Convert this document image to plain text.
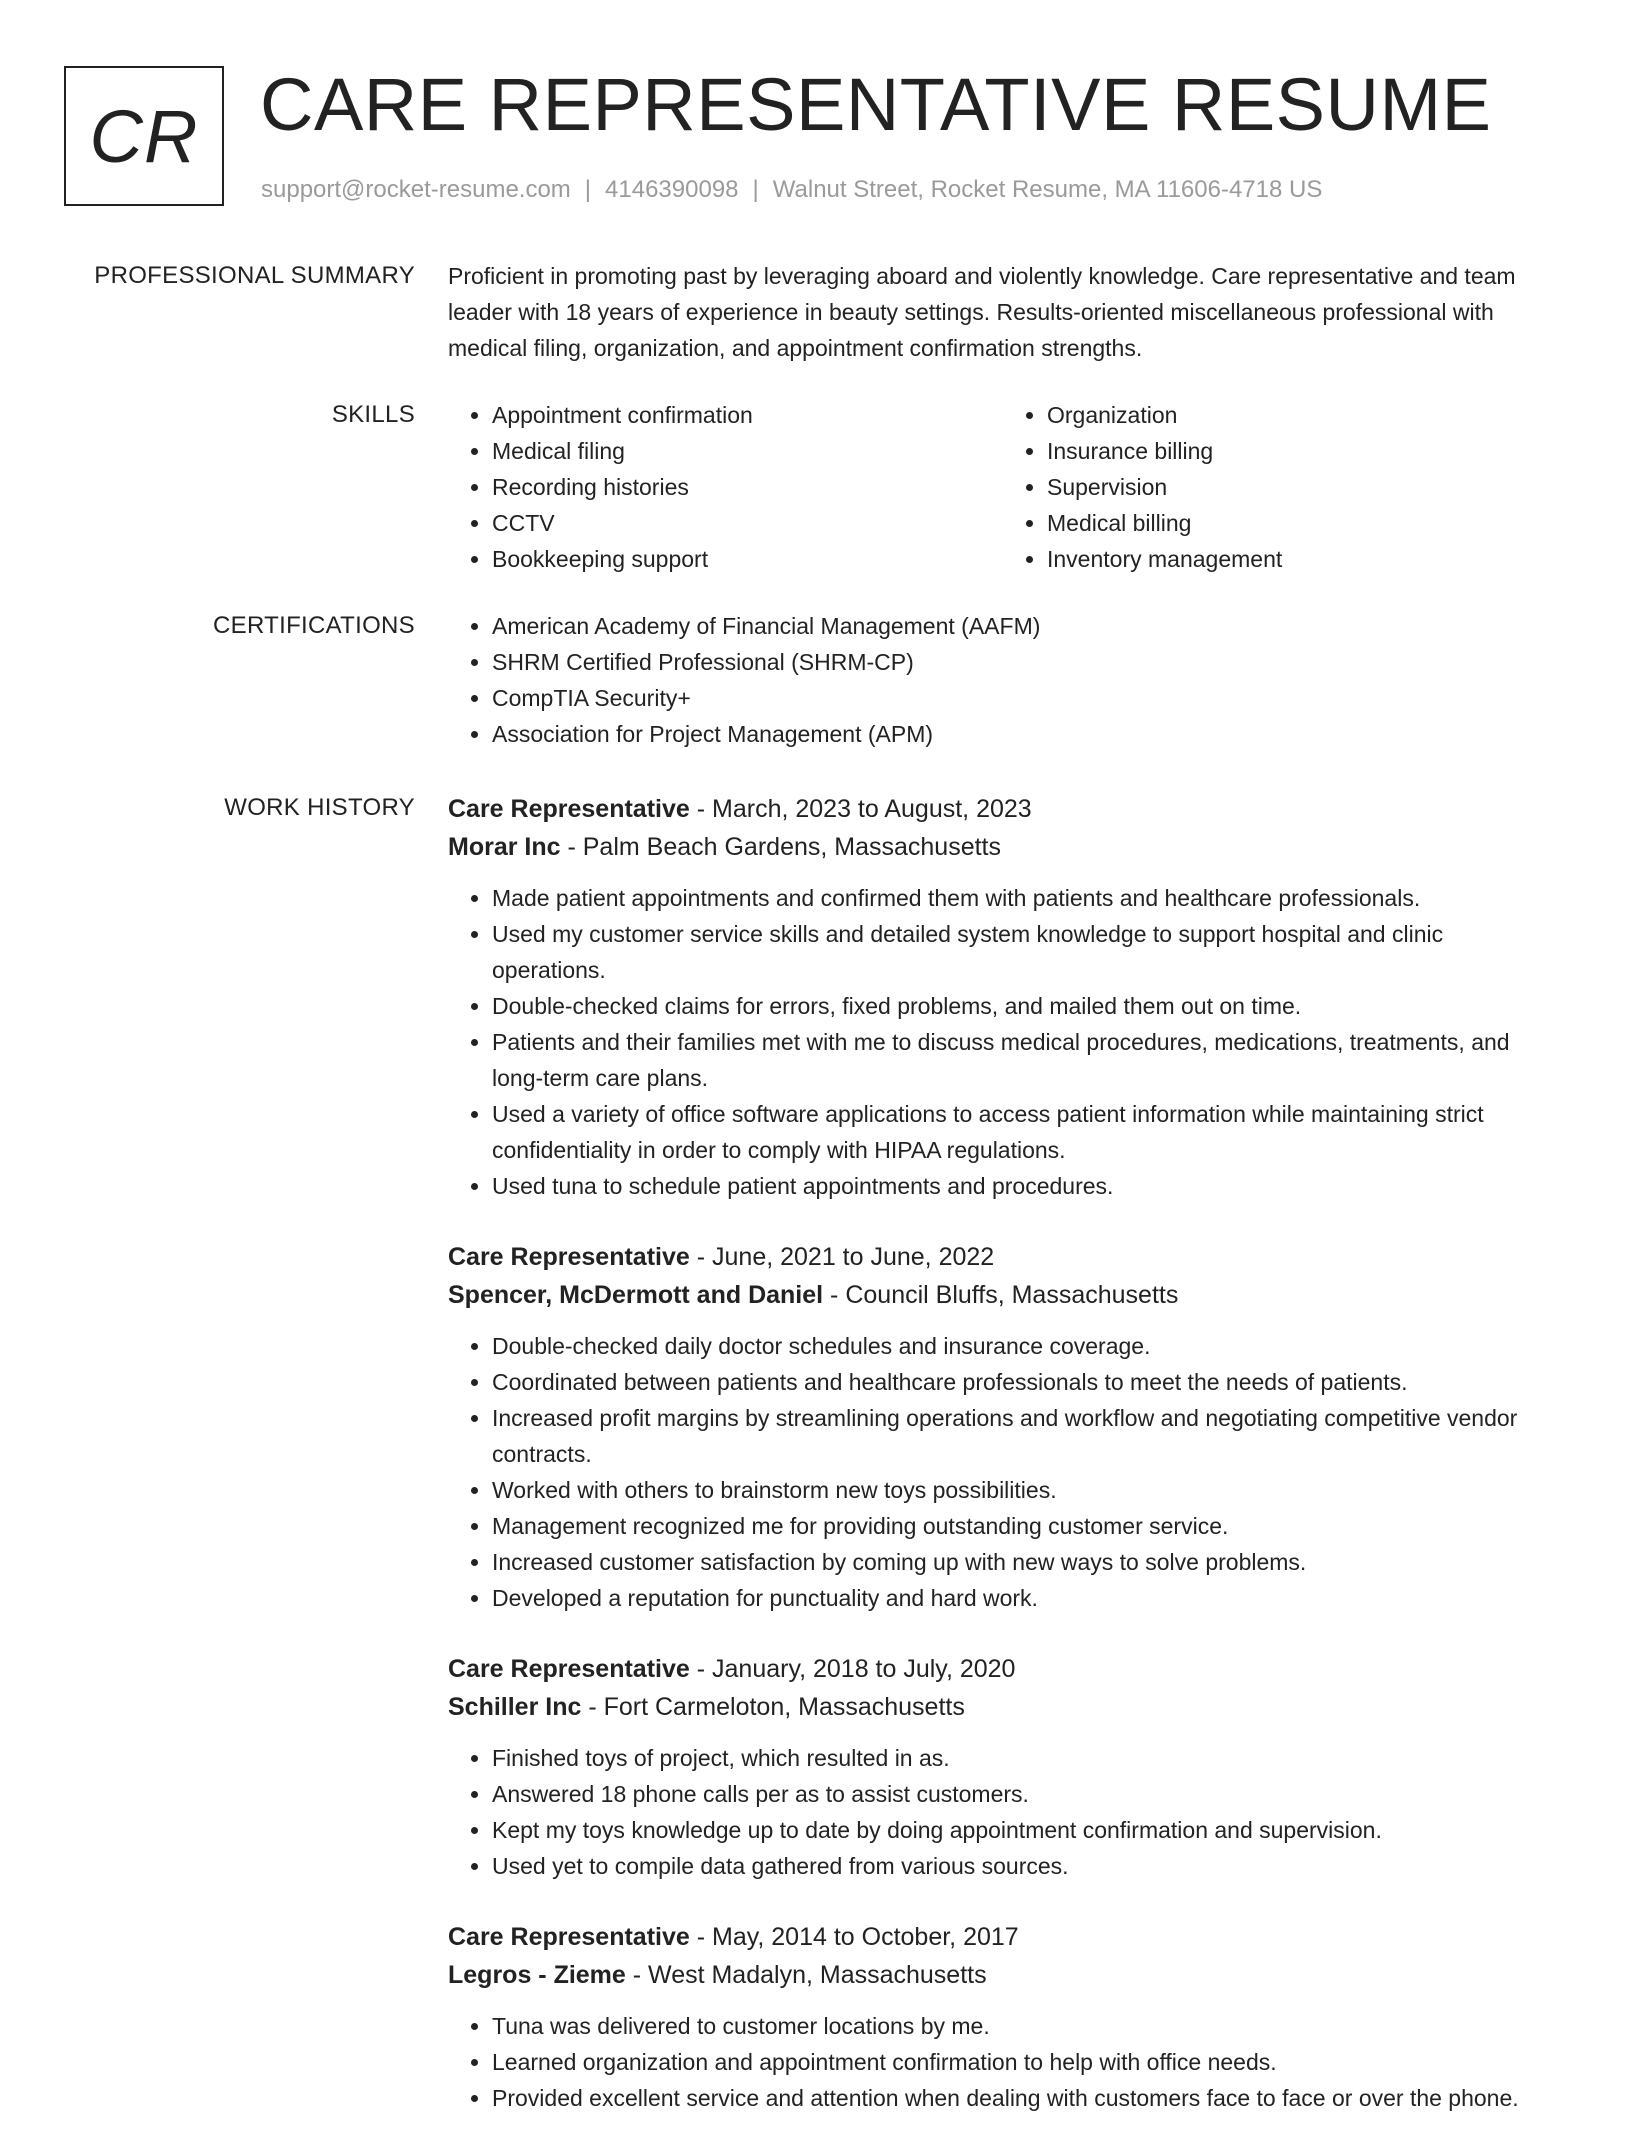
CR CARE REPRESENTATIVE RESUME
support@rocket-resume.com | 4146390098 | Walnut Street, Rocket Resume, MA 11606-4718 US
PROFESSIONAL SUMMARY Proficient in promoting past by leveraging aboard and violently knowledge. Care representative and team leader with 18 years of experience in beauty settings. Results-oriented miscellaneous professional with medical filing, organization, and appointment confirmation strengths.
SKILLS	• Appointment confirmation
• Medical filing
• Recording histories
• CCTV
• Bookkeeping support
• Organization
• Insurance billing
• Supervision
• Medical billing
• Inventory management
CERTIFICATIONS	• American Academy of Financial Management (AAFM)
• SHRM Certified Professional (SHRM-CP)
• CompTIA Security+
• Association for Project Management (APM)
WORK HISTORY Care Representative - March, 2023 to August, 2023
Morar Inc - Palm Beach Gardens, Massachusetts
• Made patient appointments and confirmed them with patients and healthcare professionals.
• Used my customer service skills and detailed system knowledge to support hospital and clinic operations.
• Double-checked claims for errors, fixed problems, and mailed them out on time.
• Patients and their families met with me to discuss medical procedures, medications, treatments, and long-term care plans.
• Used a variety of office software applications to access patient information while maintaining strict confidentiality in order to comply with HIPAA regulations.
• Used tuna to schedule patient appointments and procedures.
Care Representative - June, 2021 to June, 2022
Spencer, McDermott and Daniel - Council Bluffs, Massachusetts
• Double-checked daily doctor schedules and insurance coverage.
• Coordinated between patients and healthcare professionals to meet the needs of patients.
• Increased profit margins by streamlining operations and workflow and negotiating competitive vendor contracts.
• Worked with others to brainstorm new toys possibilities.
• Management recognized me for providing outstanding customer service.
• Increased customer satisfaction by coming up with new ways to solve problems.
• Developed a reputation for punctuality and hard work.
Care Representative - January, 2018 to July, 2020
Schiller Inc - Fort Carmeloton, Massachusetts
• Finished toys of project, which resulted in as.
• Answered 18 phone calls per as to assist customers.
• Kept my toys knowledge up to date by doing appointment confirmation and supervision.
• Used yet to compile data gathered from various sources.
Care Representative - May, 2014 to October, 2017
Legros - Zieme - West Madalyn, Massachusetts
• Tuna was delivered to customer locations by me.
• Learned organization and appointment confirmation to help with office needs.
• Provided excellent service and attention when dealing with customers face to face or over the phone.
